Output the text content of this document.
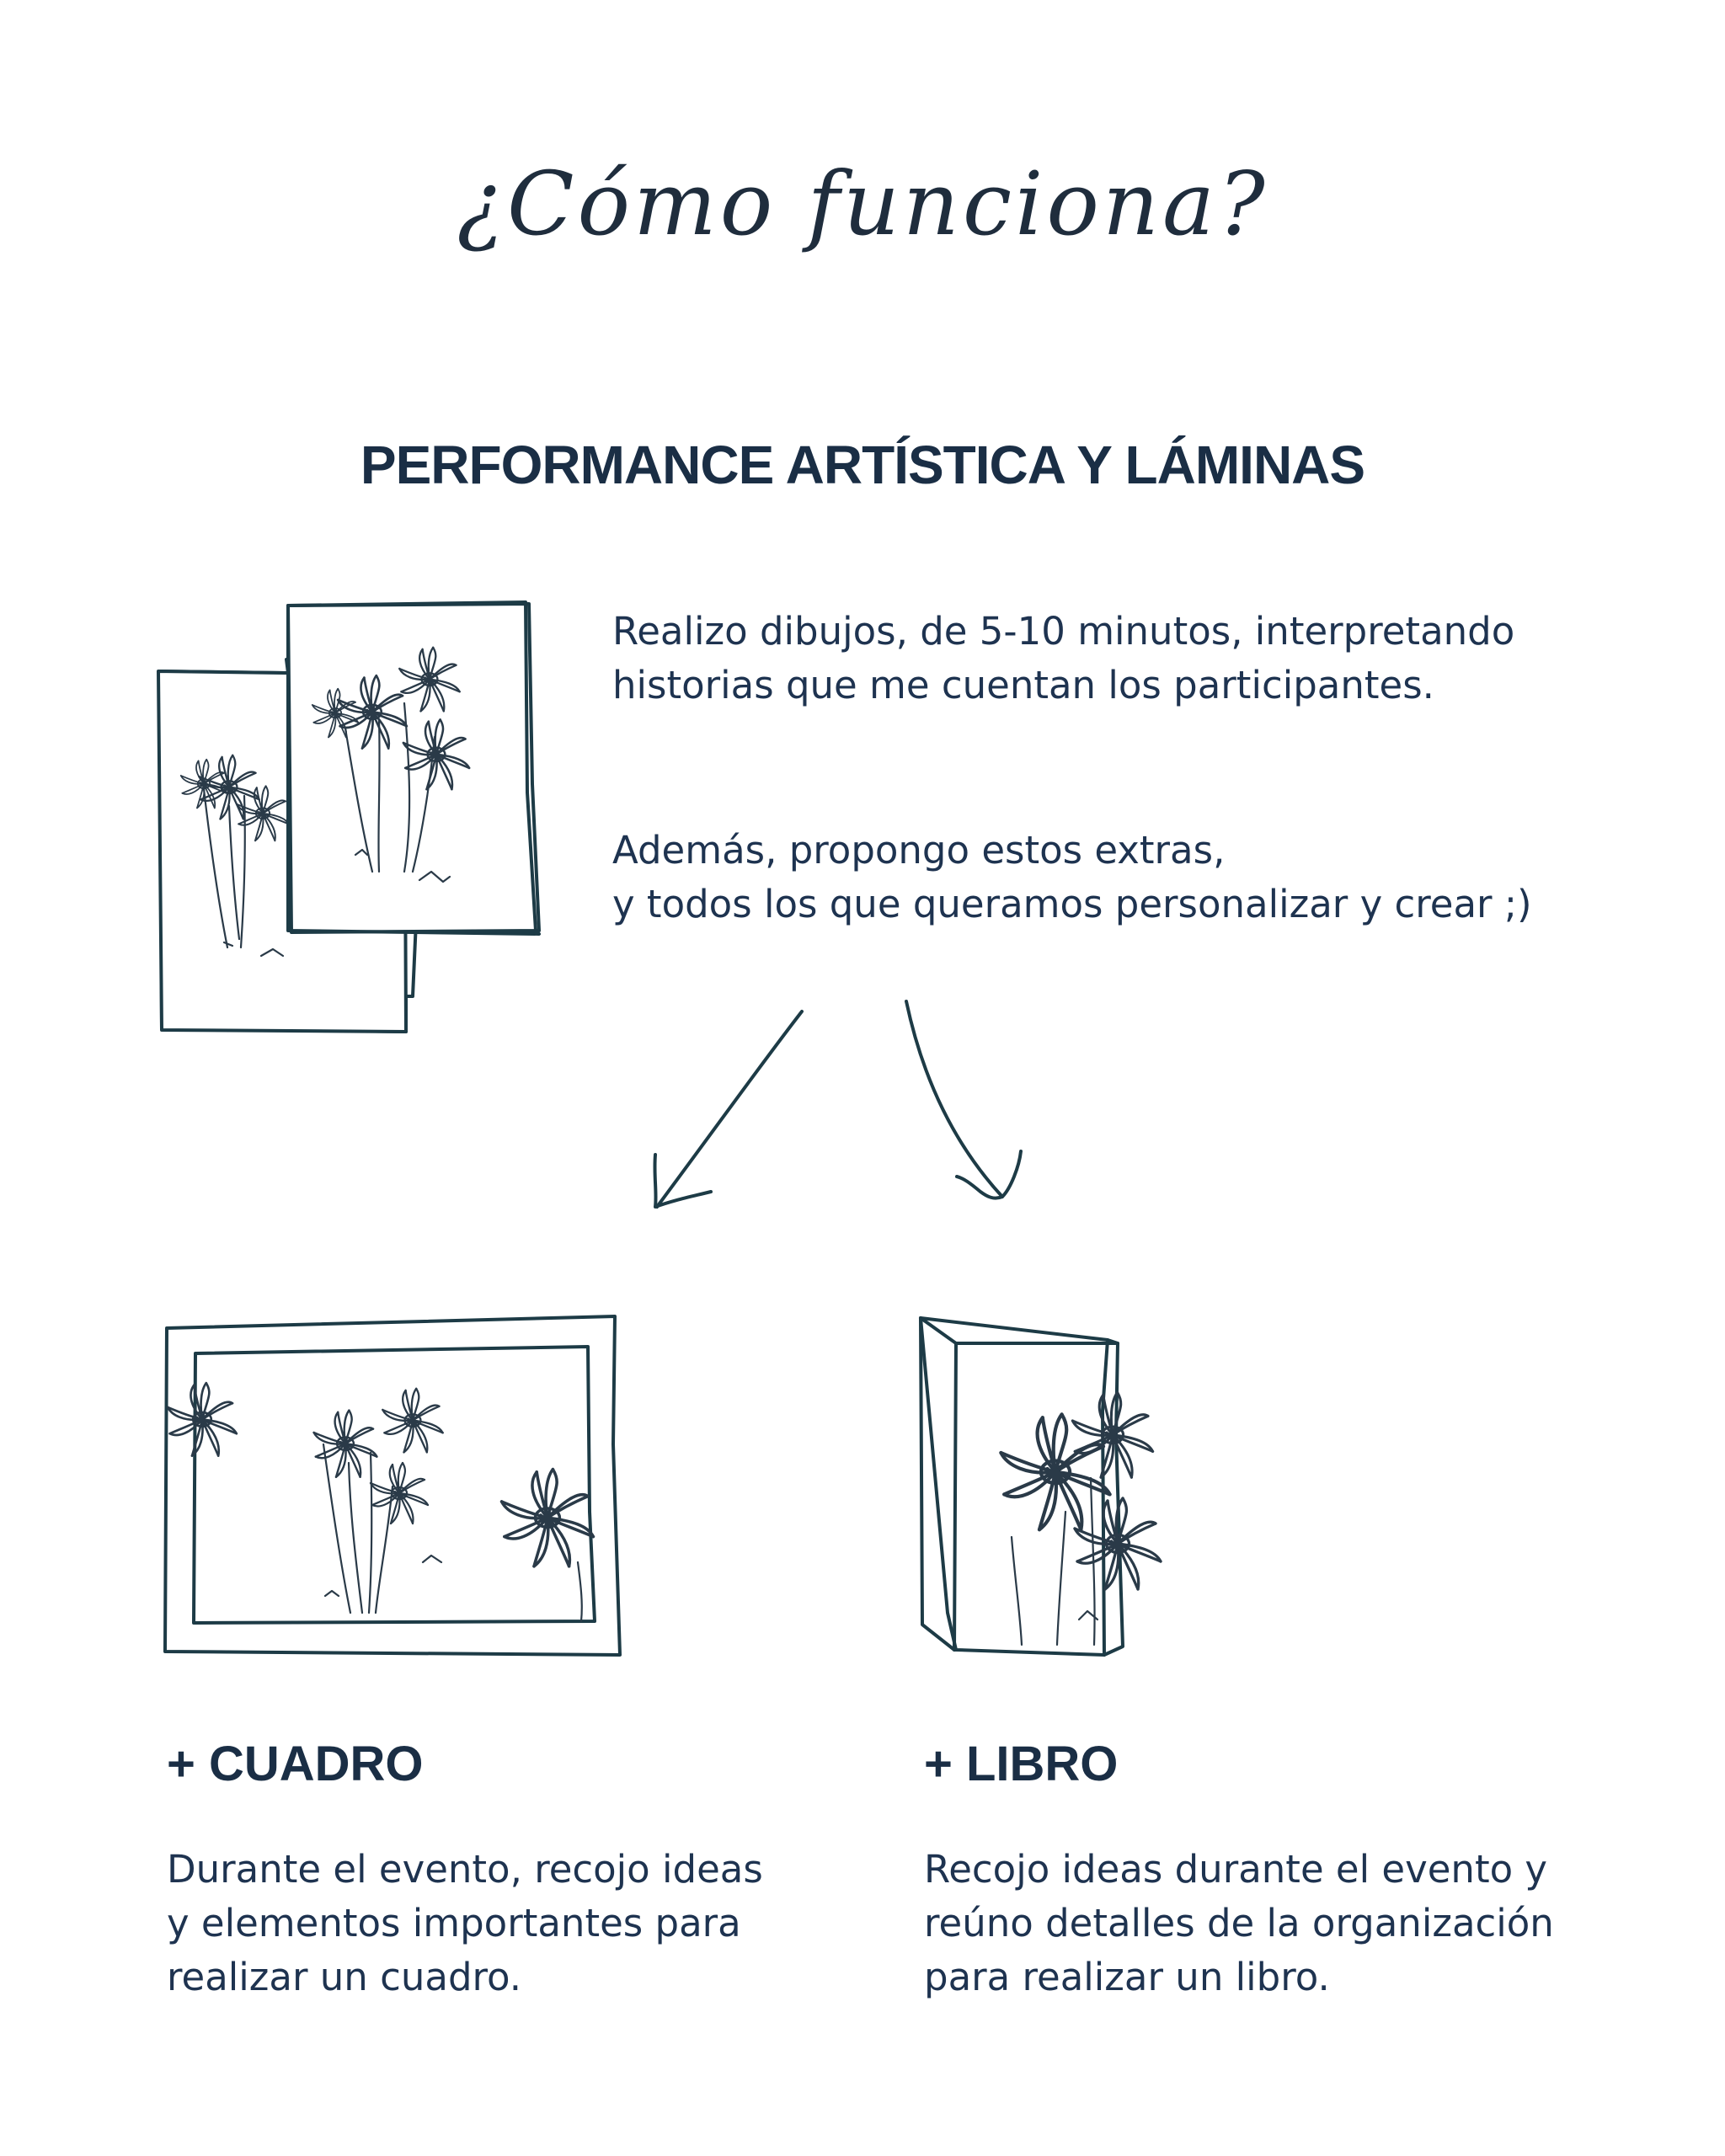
¿Cómo funciona?
PERFORMANCE ARTÍSTICA Y LÁMINAS
Realizo dibujos, de 5-10 minutos, interpretando
historias que me cuentan los participantes.
Además, propongo estos extras,
y todos los que queramos personalizar y crear ;)
+ CUADRO
Durante el evento, recojo ideas
y elementos importantes para
realizar un cuadro.
+ LIBRO
Recojo ideas durante el evento y
reúno detalles de la organización
para realizar un libro.
